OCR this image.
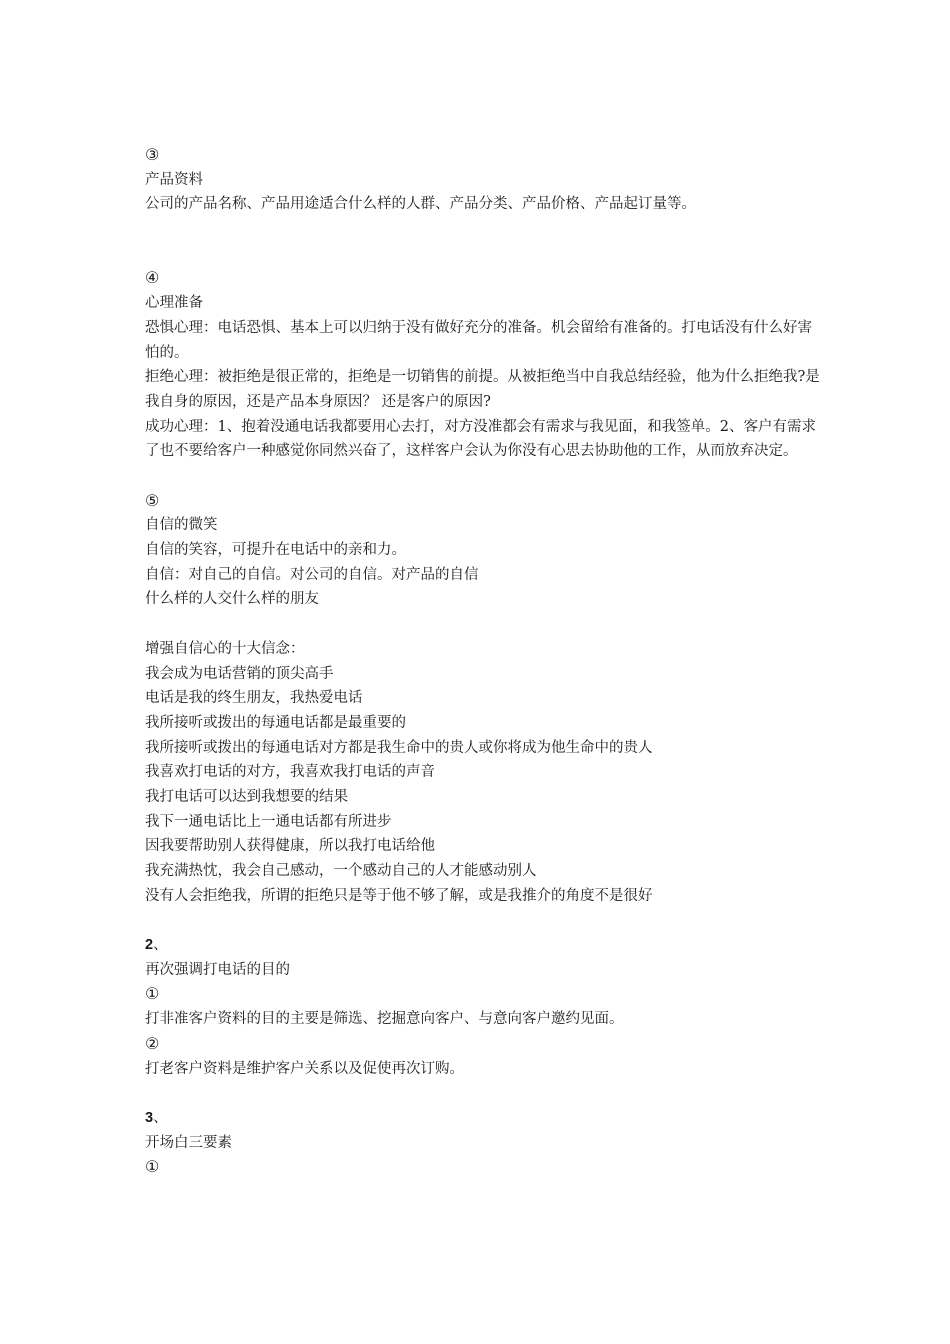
③
产品资料
公司的产品名称、产品用途适合什么样的人群、产品分类、产品价格、产品起订量等。
④
心理准备
恐惧心理：电话恐惧、基本上可以归纳于没有做好充分的准备。机会留给有准备的。打电话没有什么好害怕的。
拒绝心理：被拒绝是很正常的，拒绝是一切销售的前提。从被拒绝当中自我总结经验，他为什么拒绝我?是我自身的原因，还是产品本身原因？ 还是客户的原因?
成功心理：1、抱着没通电话我都要用心去打，对方没准都会有需求与我见面，和我签单。2、客户有需求了也不要给客户一种感觉你同然兴奋了，这样客户会认为你没有心思去协助他的工作，从而放弃决定。
⑤
自信的微笑
自信的笑容，可提升在电话中的亲和力。
自信：对自己的自信。对公司的自信。对产品的自信
什么样的人交什么样的朋友
增强自信心的十大信念：
我会成为电话营销的顶尖高手
电话是我的终生朋友，我热爱电话
我所接听或拨出的每通电话都是最重要的
我所接听或拨出的每通电话对方都是我生命中的贵人或你将成为他生命中的贵人
我喜欢打电话的对方，我喜欢我打电话的声音
我打电话可以达到我想要的结果
我下一通电话比上一通电话都有所进步
因我要帮助别人获得健康，所以我打电话给他
我充满热忱，我会自己感动，一个感动自己的人才能感动别人
没有人会拒绝我，所谓的拒绝只是等于他不够了解，或是我推介的角度不是很好
2、
再次强调打电话的目的
①
打非准客户资料的目的主要是筛选、挖掘意向客户、与意向客户邀约见面。
②
打老客户资料是维护客户关系以及促使再次订购。
3、
开场白三要素
①
